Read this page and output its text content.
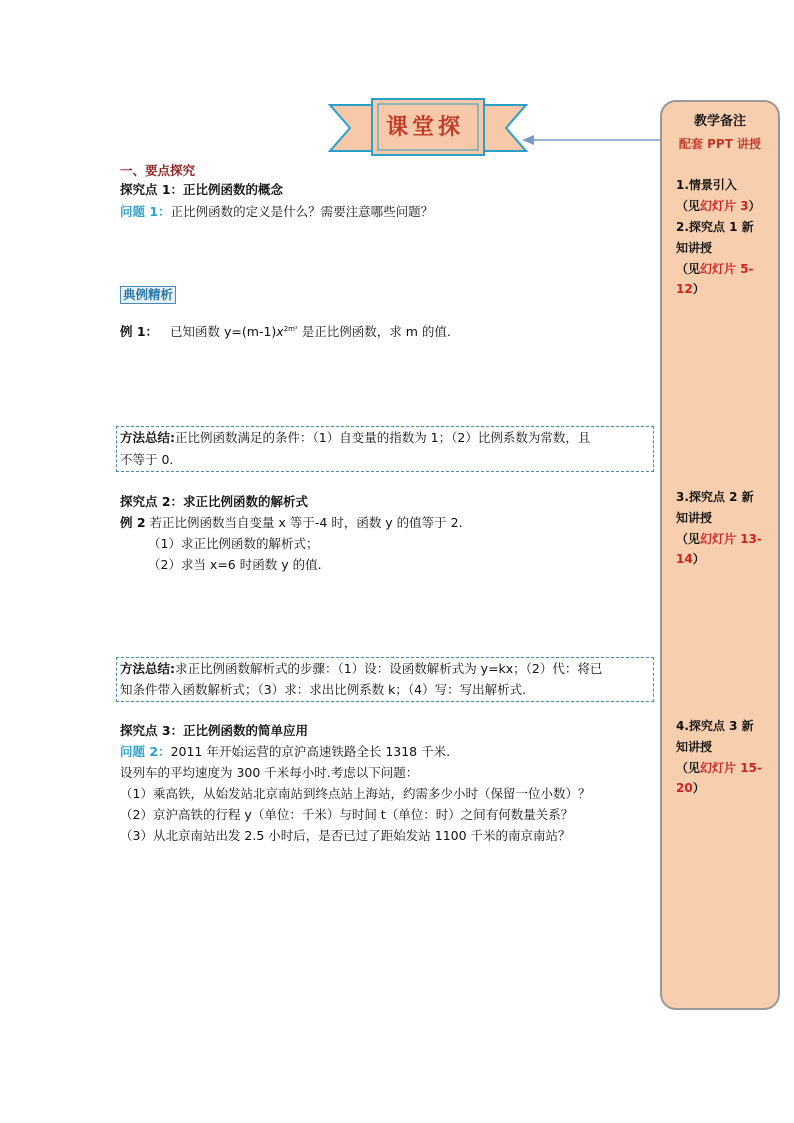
课堂探
一、要点探究
探究点 1：正比例函数的概念
问题 1：正比例函数的定义是什么？需要注意哪些问题？
典例精析
例 1： 已知函数 $y=(m-1)x^{2m^2}$ 是正比例函数，求 m 的值.
方法总结:正比例函数满足的条件：（1）自变量的指数为 1；（2）比例系数为常数，且
不等于 0.
探究点 2：求正比例函数的解析式
例 2 若正比例函数当自变量 x 等于-4 时，函数 y 的值等于 2.
（1）求正比例函数的解析式；
（2）求当 x=6 时函数 y 的值.
方法总结:求正比例函数解析式的步骤：（1）设：设函数解析式为 y=kx；（2）代：将已
知条件带入函数解析式；（3）求：求出比例系数 k；（4）写：写出解析式.
探究点 3：正比例函数的简单应用
问题 2：2011 年开始运营的京沪高速铁路全长 1318 千米.
设列车的平均速度为 300 千米每小时.考虑以下问题：
（1）乘高铁，从始发站北京南站到终点站上海站，约需多少小时（保留一位小数）？
（2）京沪高铁的行程 y（单位：千米）与时间 t（单位：时）之间有何数量关系？
（3）从北京南站出发 2.5 小时后，是否已过了距始发站 1100 千米的南京南站？
教学备注
配套 PPT 讲授
1.情景引入
（见幻灯片 3）
2.探究点 1 新
知讲授
（见幻灯片 5-12）
3.探究点 2 新
知讲授
（见幻灯片 13-14）
4.探究点 3 新
知讲授
（见幻灯片 15-20）
